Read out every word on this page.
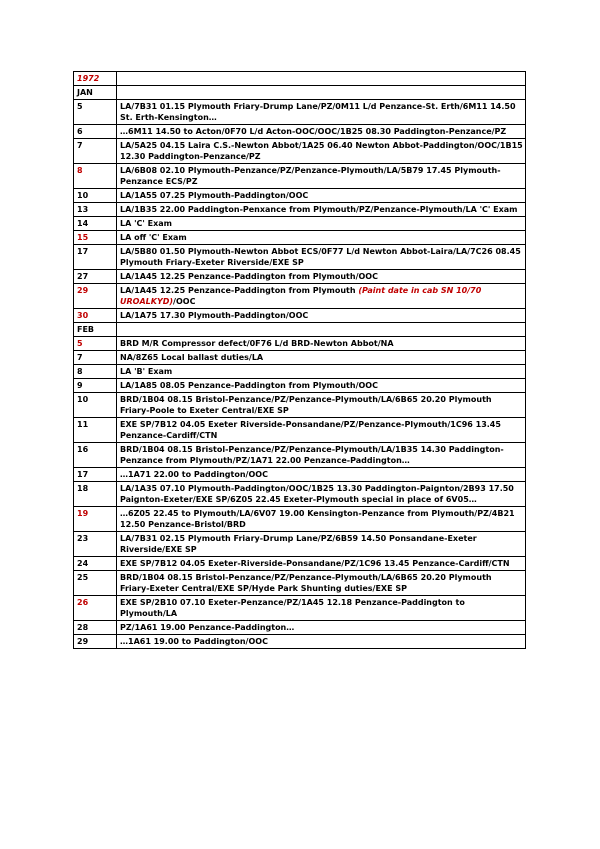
1972	
JAN	
5	LA/7B31 01.15 Plymouth Friary-Drump Lane/PZ/0M11 L/d Penzance-St. Erth/6M11 14.50 St. Erth-Kensington…
6	…6M11 14.50 to Acton/0F70 L/d Acton-OOC/OOC/1B25 08.30 Paddington-Penzance/PZ
7	LA/5A25 04.15 Laira C.S.-Newton Abbot/1A25 06.40 Newton Abbot-Paddington/OOC/1B15 12.30 Paddington-Penzance/PZ
8	LA/6B08 02.10 Plymouth-Penzance/PZ/Penzance-Plymouth/LA/5B79 17.45 Plymouth-Penzance ECS/PZ
10	LA/1A55 07.25 Plymouth-Paddington/OOC
13	LA/1B35 22.00 Paddington-Penxance from Plymouth/PZ/Penzance-Plymouth/LA 'C' Exam
14	LA 'C' Exam
15	LA off 'C' Exam
17	LA/5B80 01.50 Plymouth-Newton Abbot ECS/0F77 L/d Newton Abbot-Laira/LA/7C26 08.45 Plymouth Friary-Exeter Riverside/EXE SP
27	LA/1A45 12.25 Penzance-Paddington from Plymouth/OOC
29	LA/1A45 12.25 Penzance-Paddington from Plymouth (Paint date in cab SN 10/70 UROALKYD)/OOC
30	LA/1A75 17.30 Plymouth-Paddington/OOC
FEB	
5	BRD M/R Compressor defect/0F76 L/d BRD-Newton Abbot/NA
7	NA/8Z65 Local ballast duties/LA
8	LA 'B' Exam
9	LA/1A85 08.05 Penzance-Paddington from Plymouth/OOC
10	BRD/1B04 08.15 Bristol-Penzance/PZ/Penzance-Plymouth/LA/6B65 20.20 Plymouth Friary-Poole to Exeter Central/EXE SP
11	EXE SP/7B12 04.05 Exeter Riverside-Ponsandane/PZ/Penzance-Plymouth/1C96 13.45 Penzance-Cardiff/CTN
16	BRD/1B04 08.15 Bristol-Penzance/PZ/Penzance-Plymouth/LA/1B35 14.30 Paddington-Penzance from Plymouth/PZ/1A71 22.00 Penzance-Paddington…
17	…1A71 22.00 to Paddington/OOC
18	LA/1A35 07.10 Plymouth-Paddington/OOC/1B25 13.30 Paddington-Paignton/2B93 17.50 Paignton-Exeter/EXE SP/6Z05 22.45 Exeter-Plymouth special in place of 6V05…
19	…6Z05 22.45 to Plymouth/LA/6V07 19.00 Kensington-Penzance from Plymouth/PZ/4B21 12.50 Penzance-Bristol/BRD
23	LA/7B31 02.15 Plymouth Friary-Drump Lane/PZ/6B59 14.50 Ponsandane-Exeter Riverside/EXE SP
24	EXE SP/7B12 04.05 Exeter-Riverside-Ponsandane/PZ/1C96 13.45 Penzance-Cardiff/CTN
25	BRD/1B04 08.15 Bristol-Penzance/PZ/Penzance-Plymouth/LA/6B65 20.20 Plymouth Friary-Exeter Central/EXE SP/Hyde Park Shunting duties/EXE SP
26	EXE SP/2B10 07.10 Exeter-Penzance/PZ/1A45 12.18 Penzance-Paddington to Plymouth/LA
28	PZ/1A61 19.00 Penzance-Paddington…
29	…1A61 19.00 to Paddington/OOC
